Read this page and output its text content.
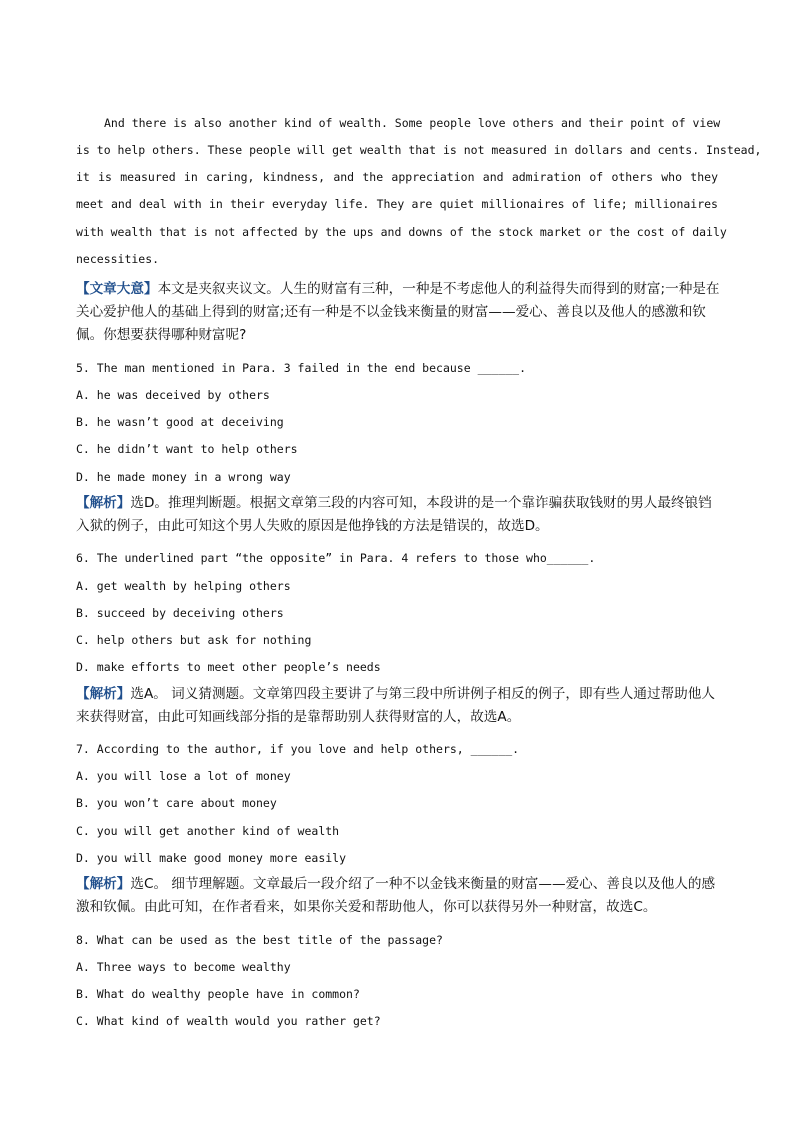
And there is also another kind of wealth. Some people love others and their point of view
is to help others. These people will get wealth that is not measured in dollars and cents. Instead,
it is measured in caring, kindness, and the appreciation and admiration of others who they
meet and deal with in their everyday life. They are quiet millionaires of life; millionaires
with wealth that is not affected by the ups and downs of the stock market or the cost of daily
necessities.
【文章大意】本文是夹叙夹议文。人生的财富有三种，一种是不考虑他人的利益得失而得到的财富;一种是在关心爱护他人的基础上得到的财富;还有一种是不以金钱来衡量的财富——爱心、善良以及他人的感激和钦佩。你想要获得哪种财富呢?
5. The man mentioned in Para. 3 failed in the end because ______.
A. he was deceived by others
B. he wasn’t good at deceiving
C. he didn’t want to help others
D. he made money in a wrong way
【解析】选D。推理判断题。根据文章第三段的内容可知，本段讲的是一个靠诈骗获取钱财的男人最终锒铛入狱的例子，由此可知这个男人失败的原因是他挣钱的方法是错误的，故选D。
6. The underlined part “the opposite” in Para. 4 refers to those who______.
A. get wealth by helping others
B. succeed by deceiving others
C. help others but ask for nothing
D. make efforts to meet other people’s needs
【解析】选A。 词义猜测题。文章第四段主要讲了与第三段中所讲例子相反的例子，即有些人通过帮助他人来获得财富，由此可知画线部分指的是靠帮助别人获得财富的人，故选A。
7. According to the author, if you love and help others, ______.
A. you will lose a lot of money
B. you won’t care about money
C. you will get another kind of wealth
D. you will make good money more easily
【解析】选C。 细节理解题。文章最后一段介绍了一种不以金钱来衡量的财富——爱心、善良以及他人的感激和钦佩。由此可知，在作者看来，如果你关爱和帮助他人，你可以获得另外一种财富，故选C。
8. What can be used as the best title of the passage?
A. Three ways to become wealthy
B. What do wealthy people have in common?
C. What kind of wealth would you rather get?
